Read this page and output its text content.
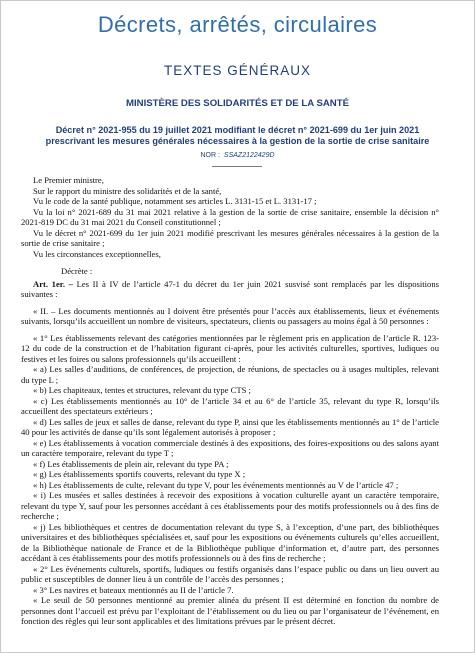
Décrets, arrêtés, circulaires
TEXTES GÉNÉRAUX
MINISTÈRE DES SOLIDARITÉS ET DE LA SANTÉ
Décret n° 2021-955 du 19 juillet 2021 modifiant le décret n° 2021-699 du 1er juin 2021 prescrivant les mesures générales nécessaires à la gestion de la sortie de crise sanitaire
NOR : SSAZ2122429D

Le Premier ministre,

Sur le rapport du ministre des solidarités et de la santé,

Vu le code de la santé publique, notamment ses articles L. 3131-15 et L. 3131-17 ;

Vu la loi n° 2021-689 du 31 mai 2021 relative à la gestion de la sortie de crise sanitaire, ensemble la décision n° 2021-819 DC du 31 mai 2021 du Conseil constitutionnel ;

Vu le décret n° 2021-699 du 1er juin 2021 modifié prescrivant les mesures générales nécessaires à la gestion de la sortie de crise sanitaire ;

Vu les circonstances exceptionnelles,

Décrète :

Art. 1er. – Les II à IV de l’article 47-1 du décret du 1er juin 2021 susvisé sont remplacés par les dispositions suivantes :

« II. – Les documents mentionnés au I doivent être présentés pour l’accès aux établissements, lieux et événements suivants, lorsqu’ils accueillent un nombre de visiteurs, spectateurs, clients ou passagers au moins égal à 50 personnes :

« 1° Les établissements relevant des catégories mentionnées par le règlement pris en application de l’article R. 123-12 du code de la construction et de l’habitation figurant ci-après, pour les activités culturelles, sportives, ludiques ou festives et les foires ou salons professionnels qu’ils accueillent :

« a) Les salles d’auditions, de conférences, de projection, de réunions, de spectacles ou à usages multiples, relevant du type L ;

« b) Les chapiteaux, tentes et structures, relevant du type CTS ;

« c) Les établissements mentionnés au 10° de l’article 34 et au 6° de l’article 35, relevant du type R, lorsqu’ils accueillent des spectateurs extérieurs ;

« d) Les salles de jeux et salles de danse, relevant du type P, ainsi que les établissements mentionnés au 1° de l’article 40 pour les activités de danse qu’ils sont légalement autorisés à proposer ;

« e) Les établissements à vocation commerciale destinés à des expositions, des foires-expositions ou des salons ayant un caractère temporaire, relevant du type T ;

« f) Les établissements de plein air, relevant du type PA ;

« g) Les établissements sportifs couverts, relevant du type X ;

« h) Les établissements de culte, relevant du type V, pour les événements mentionnés au V de l’article 47 ;

« i) Les musées et salles destinées à recevoir des expositions à vocation culturelle ayant un caractère temporaire, relevant du type Y, sauf pour les personnes accédant à ces établissements pour des motifs professionnels ou à des fins de recherche ;

« j) Les bibliothèques et centres de documentation relevant du type S, à l’exception, d’une part, des bibliothèques universitaires et des bibliothèques spécialisées et, sauf pour les expositions ou événements culturels qu’elles accueillent, de la Bibliothèque nationale de France et de la Bibliothèque publique d’information et, d’autre part, des personnes accédant à ces établissements pour des motifs professionnels ou à des fins de recherche ;

« 2° Les événements culturels, sportifs, ludiques ou festifs organisés dans l’espace public ou dans un lieu ouvert au public et susceptibles de donner lieu à un contrôle de l’accès des personnes ;

« 3° Les navires et bateaux mentionnés au II de l’article 7.

« Le seuil de 50 personnes mentionné au premier alinéa du présent II est déterminé en fonction du nombre de personnes dont l’accueil est prévu par l’exploitant de l’établissement ou du lieu ou par l’organisateur de l’événement, en fonction des règles qui leur sont applicables et des limitations prévues par le présent décret.
